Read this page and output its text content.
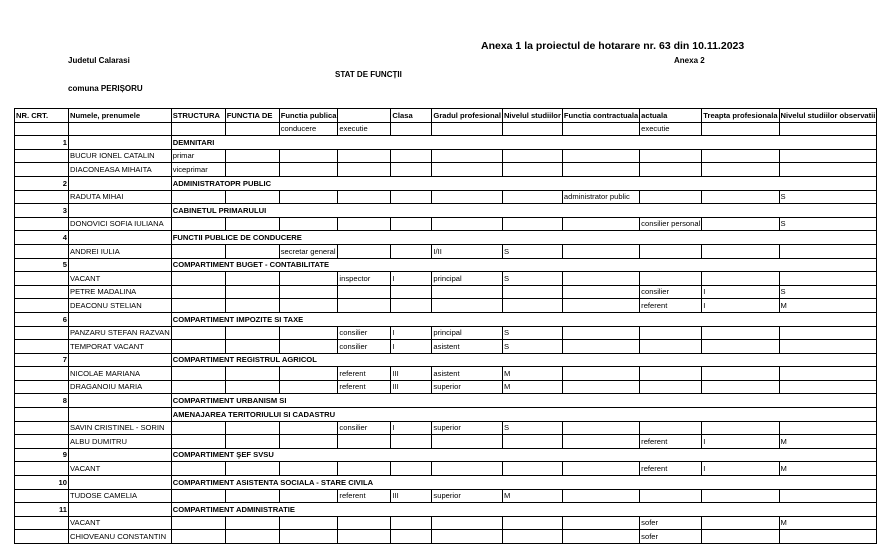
Anexa 1 la proiectul de hotarare nr. 63 din 10.11.2023
Judetul Calarasi	Anexa 2
STAT DE FUNCȚII
comuna PERIȘORU
NR. CRT.	Numele, prenumele	STRUCTURA	FUNCTIA DE	Functia publica		Clasa	Gradul profesional	Nivelul studiilor	Functia contractuala	actuala	Treapta profesionala	Nivelul studiilor observatii
				conducere	executie					executie		
1		DEMNITARI										
	BUCUR IONEL CATALIN	primar										
	DIACONEASA MIHAITA	viceprimar										
2		ADMINISTRATOPR PUBLIC										
	RADUTA MIHAI								administrator public			S
3		CABINETUL PRIMARULUI										
	DONOVICI SOFIA IULIANA									consilier personal		S
4		FUNCTII PUBLICE DE CONDUCERE										
	ANDREI IULIA			secretar general			I/II	S				
5		COMPARTIMENT BUGET - CONTABILITATE										
	VACANT				inspector	I	principal	S				
	PETRE MADALINA									consilier	I	S
	DEACONU STELIAN									referent	I	M
6		COMPARTIMENT IMPOZITE SI TAXE										
	PANZARU STEFAN RAZVAN				consilier	I	principal	S				
	TEMPORAT VACANT				consilier	I	asistent	S				
7		COMPARTIMENT REGISTRUL AGRICOL										
	NICOLAE MARIANA				referent	III	asistent	M				
	DRAGANOIU MARIA				referent	III	superior	M				
8		COMPARTIMENT URBANISM SI										
		AMENAJAREA TERITORIULUI SI CADASTRU										
	SAVIN CRISTINEL - SORIN				consilier	I	superior	S				
	ALBU DUMITRU									referent	I	M
9		COMPARTIMENT ŞEF SVSU										
	VACANT									referent	I	M
10		COMPARTIMENT ASISTENTA SOCIALA - STARE CIVILA										
	TUDOSE CAMELIA				referent	III	superior	M				
11		COMPARTIMENT ADMINISTRATIE										
	VACANT									sofer		M
	CHIOVEANU CONSTANTIN									sofer		
